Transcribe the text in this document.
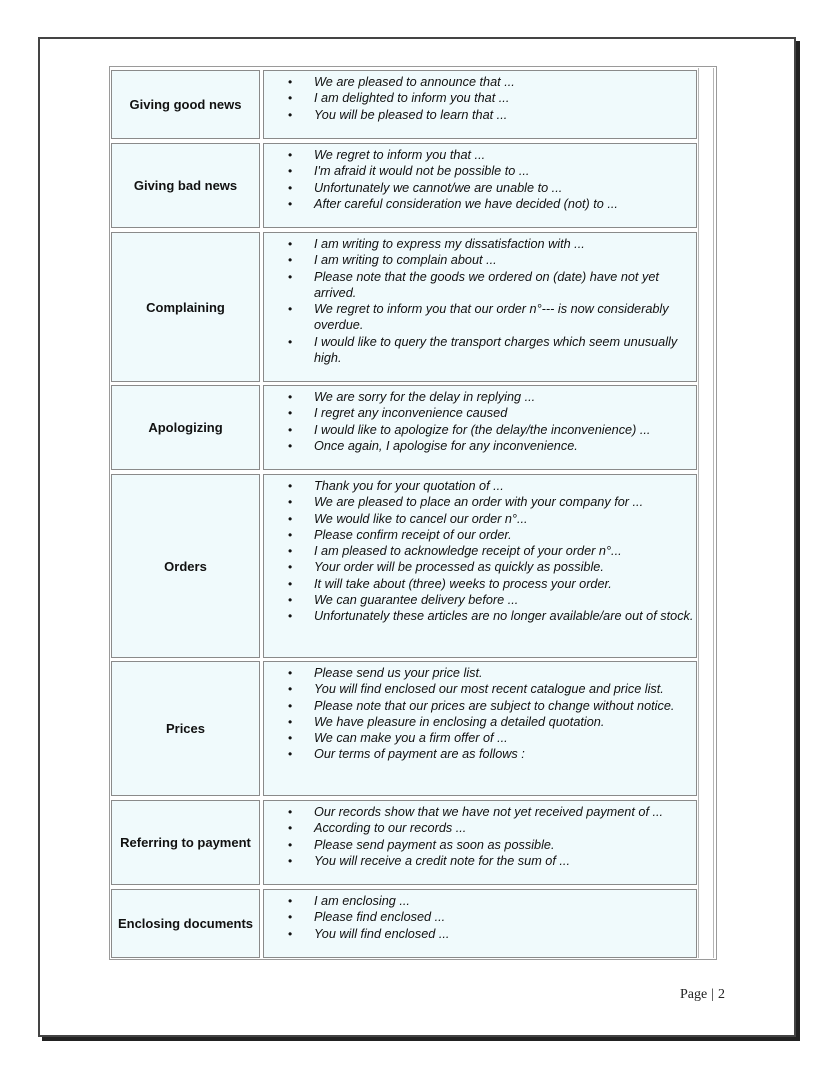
Giving good news
• We are pleased to announce that ...
• I am delighted to inform you that ...
• You will be pleased to learn that ...
Giving bad news
• We regret to inform you that ...
• I'm afraid it would not be possible to ...
• Unfortunately we cannot/we are unable to ...
• After careful consideration we have decided (not) to ...
Complaining
• I am writing to express my dissatisfaction with ...
• I am writing to complain about ...
• Please note that the goods we ordered on (date) have not yet arrived.
• We regret to inform you that our order n°--- is now considerably overdue.
• I would like to query the transport charges which seem unusually high.
Apologizing
• We are sorry for the delay in replying ...
• I regret any inconvenience caused
• I would like to apologize for (the delay/the inconvenience) ...
• Once again, I apologise for any inconvenience.
Orders
• Thank you for your quotation of ...
• We are pleased to place an order with your company for ...
• We would like to cancel our order n°...
• Please confirm receipt of our order.
• I am pleased to acknowledge receipt of your order n°...
• Your order will be processed as quickly as possible.
• It will take about (three) weeks to process your order.
• We can guarantee delivery before ...
• Unfortunately these articles are no longer available/are out of stock.
Prices
• Please send us your price list.
• You will find enclosed our most recent catalogue and price list.
• Please note that our prices are subject to change without notice.
• We have pleasure in enclosing a detailed quotation.
• We can make you a firm offer of ...
• Our terms of payment are as follows :
Referring to payment
• Our records show that we have not yet received payment of ...
• According to our records ...
• Please send payment as soon as possible.
• You will receive a credit note for the sum of ...
Enclosing documents
• I am enclosing ...
• Please find enclosed ...
• You will find enclosed ...
Page | 2
